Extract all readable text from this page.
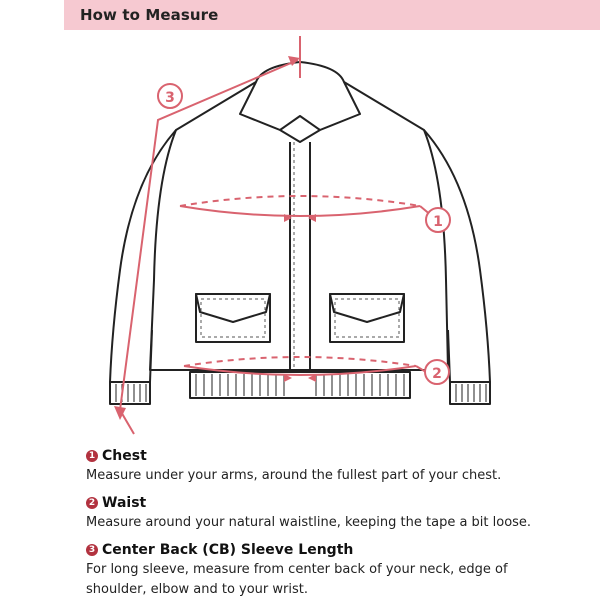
How to Measure
1
2
3
1 Chest
Measure under your arms, around the fullest part of your chest.
2 Waist
Measure around your natural waistline, keeping the tape a bit loose.
3 Center Back (CB) Sleeve Length
For long sleeve, measure from center back of your neck, edge of
shoulder, elbow and to your wrist.
